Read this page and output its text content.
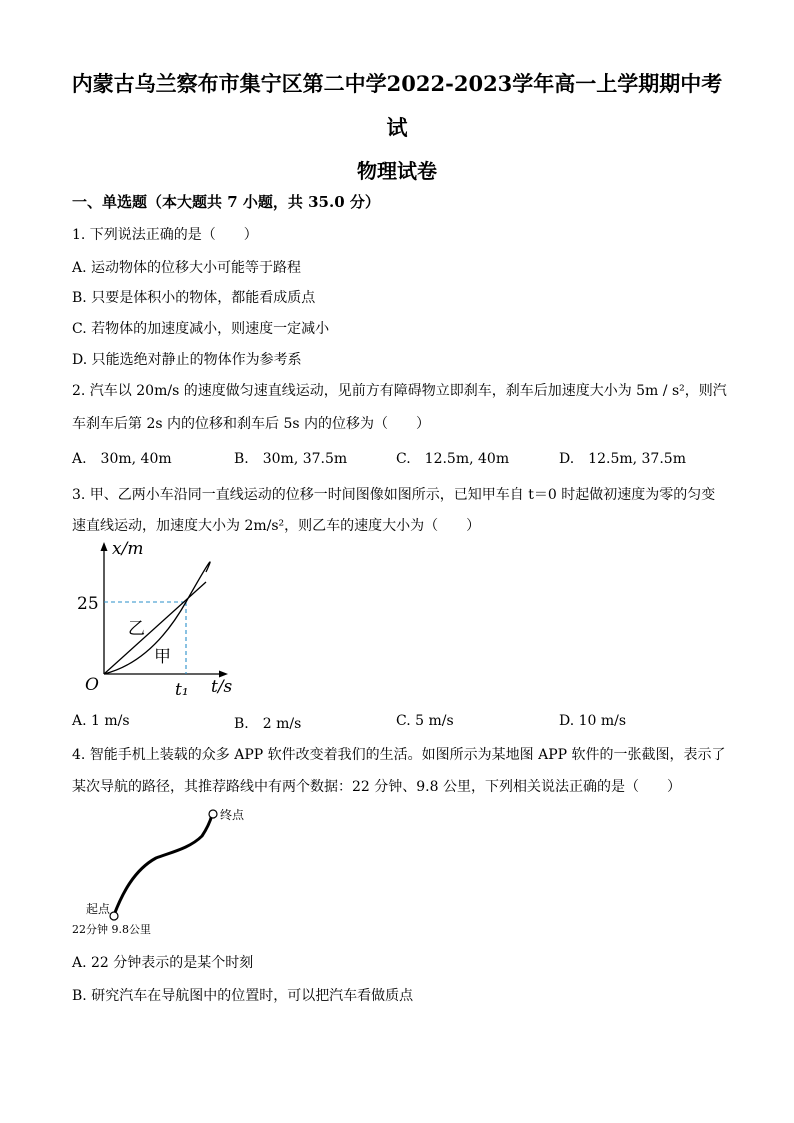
内蒙古乌兰察布市集宁区第二中学2022-2023学年高一上学期期中考
试
物理试卷
一、单选题（本大题共 7 小题，共 35.0 分）
1. 下列说法正确的是（　　）
A. 运动物体的位移大小可能等于路程
B. 只要是体积小的物体，都能看成质点
C. 若物体的加速度减小，则速度一定减小
D. 只能选绝对静止的物体作为参考系
2. 汽车以 20m/s 的速度做匀速直线运动，见前方有障碍物立即刹车，刹车后加速度大小为 5m / s²，则汽
车刹车后第 2s 内的位移和刹车后 5s 内的位移为（　　）
A.　30m, 40m	B.　30m, 37.5m	C.　12.5m, 40m	D.　12.5m, 37.5m
3. 甲、乙两小车沿同一直线运动的位移一时间图像如图所示，已知甲车自 t＝0 时起做初速度为零的匀变
速直线运动，加速度大小为 2m/s²，则乙车的速度大小为（　　）
x/m
t/s
O
25
t₁
乙
甲
A. 1 m/s	B.　2 m/s	C. 5 m/s	D. 10 m/s
4. 智能手机上装载的众多 APP 软件改变着我们的生活。如图所示为某地图 APP 软件的一张截图，表示了
某次导航的路径，其推荐路线中有两个数据：22 分钟、9.8 公里，下列相关说法正确的是（　　）
终点
起点
22分钟 9.8公里
A. 22 分钟表示的是某个时刻
B. 研究汽车在导航图中的位置时，可以把汽车看做质点
